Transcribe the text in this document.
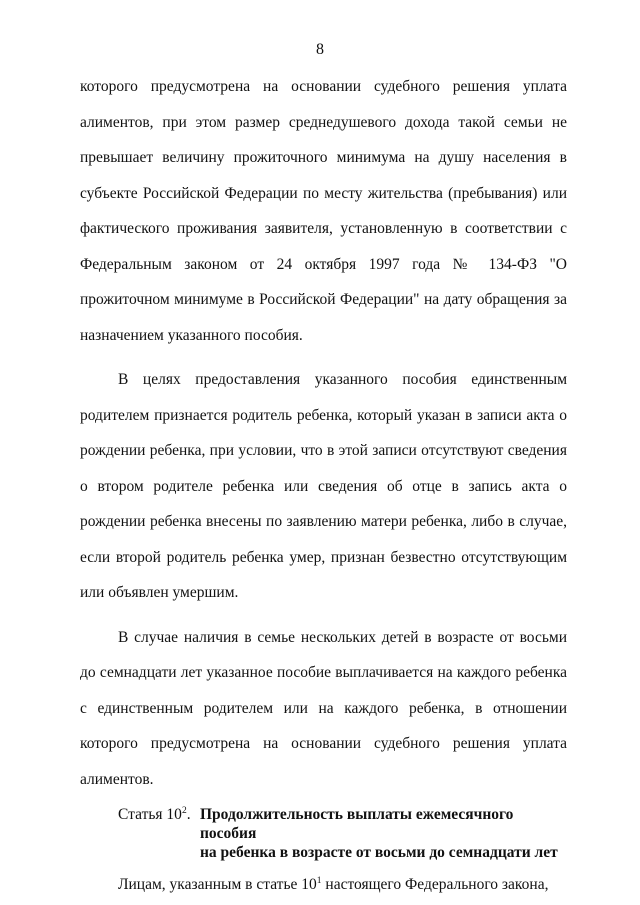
8

которого предусмотрена на основании судебного решения уплата алиментов, при этом размер среднедушевого дохода такой семьи не превышает величину прожиточного минимума на душу населения в субъекте Российской Федерации по месту жительства (пребывания) или фактического проживания заявителя, установленную в соответствии с Федеральным законом от 24 октября 1997 года № 134-ФЗ "О прожиточном минимуме в Российской Федерации" на дату обращения за назначением указанного пособия.

В целях предоставления указанного пособия единственным родителем признается родитель ребенка, который указан в записи акта о рождении ребенка, при условии, что в этой записи отсутствуют сведения о втором родителе ребенка или сведения об отце в запись акта о рождении ребенка внесены по заявлению матери ребенка, либо в случае, если второй родитель ребенка умер, признан безвестно отсутствующим или объявлен умершим.

В случае наличия в семье нескольких детей в возрасте от восьми до семнадцати лет указанное пособие выплачивается на каждого ребенка с единственным родителем или на каждого ребенка, в отношении которого предусмотрена на основании судебного решения уплата алиментов.

Статья $10^2$. Продолжительность выплаты ежемесячного пособия
на ребенка в возрасте от восьми до семнадцати лет

Лицам, указанным в статье $10^1$ настоящего Федерального закона,
